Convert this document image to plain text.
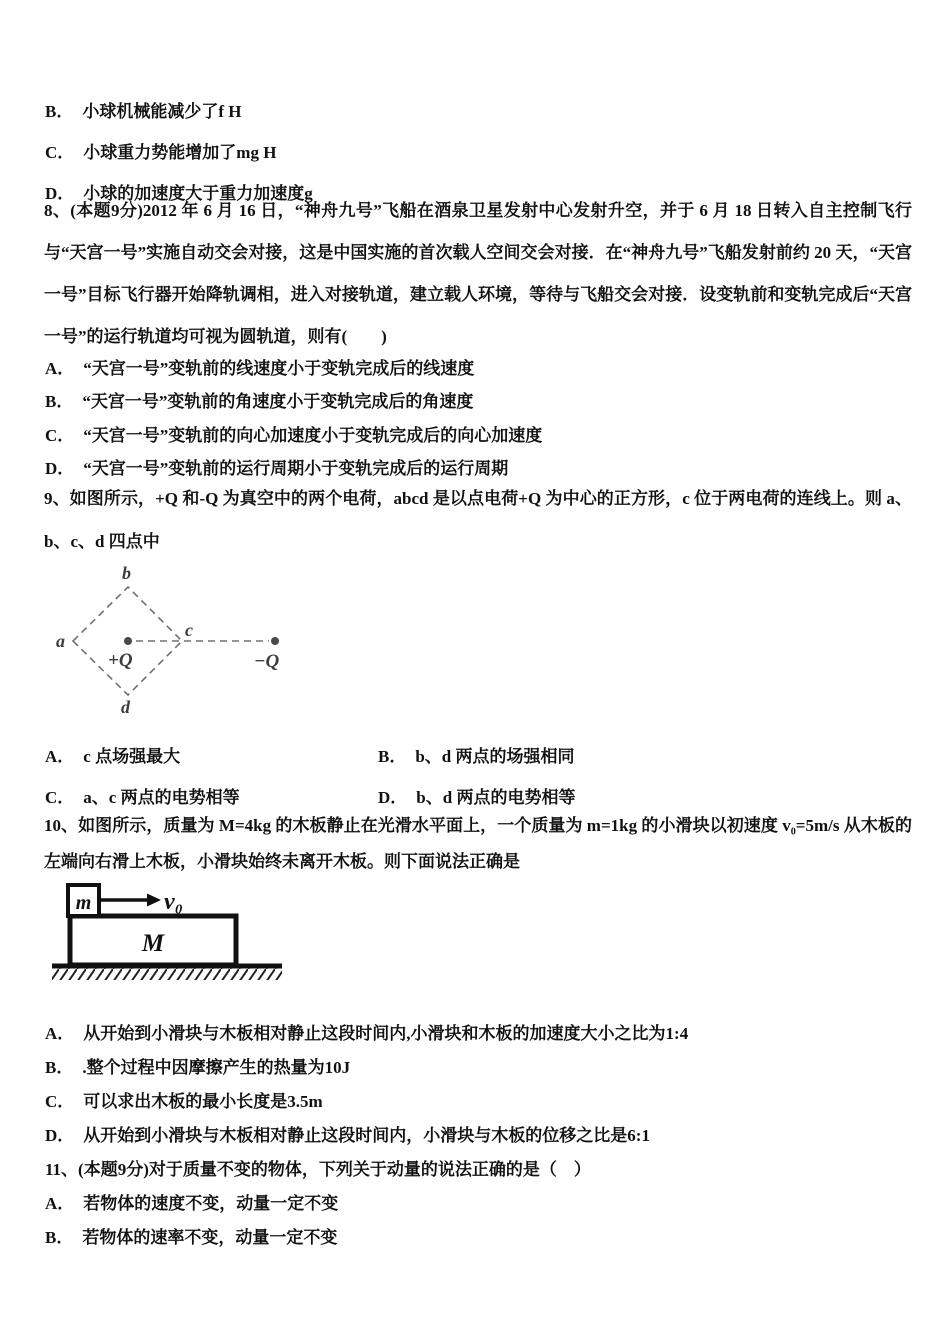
B． 小球机械能减少了f H
C． 小球重力势能增加了mg H
D． 小球的加速度大于重力加速度g
8、(本题9分)2012 年 6 月 16 日，“神舟九号”飞船在酒泉卫星发射中心发射升空，并于 6 月 18 日转入自主控制飞行与“天宫一号”实施自动交会对接，这是中国实施的首次载人空间交会对接．在“神舟九号”飞船发射前约 20 天，“天宫一号”目标飞行器开始降轨调相，进入对接轨道，建立载人环境，等待与飞船交会对接．设变轨前和变轨完成后“天宫一号”的运行轨道均可视为圆轨道，则有(　　)
A． “天宫一号”变轨前的线速度小于变轨完成后的线速度
B． “天宫一号”变轨前的角速度小于变轨完成后的角速度
C． “天宫一号”变轨前的向心加速度小于变轨完成后的向心加速度
D． “天宫一号”变轨前的运行周期小于变轨完成后的运行周期
9、如图所示，+Q 和-Q 为真空中的两个电荷，abcd 是以点电荷+Q 为中心的正方形，c 位于两电荷的连线上。则 a、b、c、d 四点中
b
a
c
d
+Q	−Q
A． c 点场强最大	B． b、d 两点的场强相同
C． a、c 两点的电势相等	D． b、d 两点的电势相等
10、如图所示，质量为 M=4kg 的木板静止在光滑水平面上，一个质量为 m=1kg 的小滑块以初速度 v₀=5m/s 从木板的左端向右滑上木板，小滑块始终未离开木板。则下面说法正确是
m
M
v₀
A． 从开始到小滑块与木板相对静止这段时间内,小滑块和木板的加速度大小之比为1:4
B． .整个过程中因摩擦产生的热量为10J
C． 可以求出木板的最小长度是3.5m
D． 从开始到小滑块与木板相对静止这段时间内，小滑块与木板的位移之比是6:1
11、(本题9分)对于质量不变的物体，下列关于动量的说法正确的是（　）
A． 若物体的速度不变，动量一定不变
B． 若物体的速率不变，动量一定不变
